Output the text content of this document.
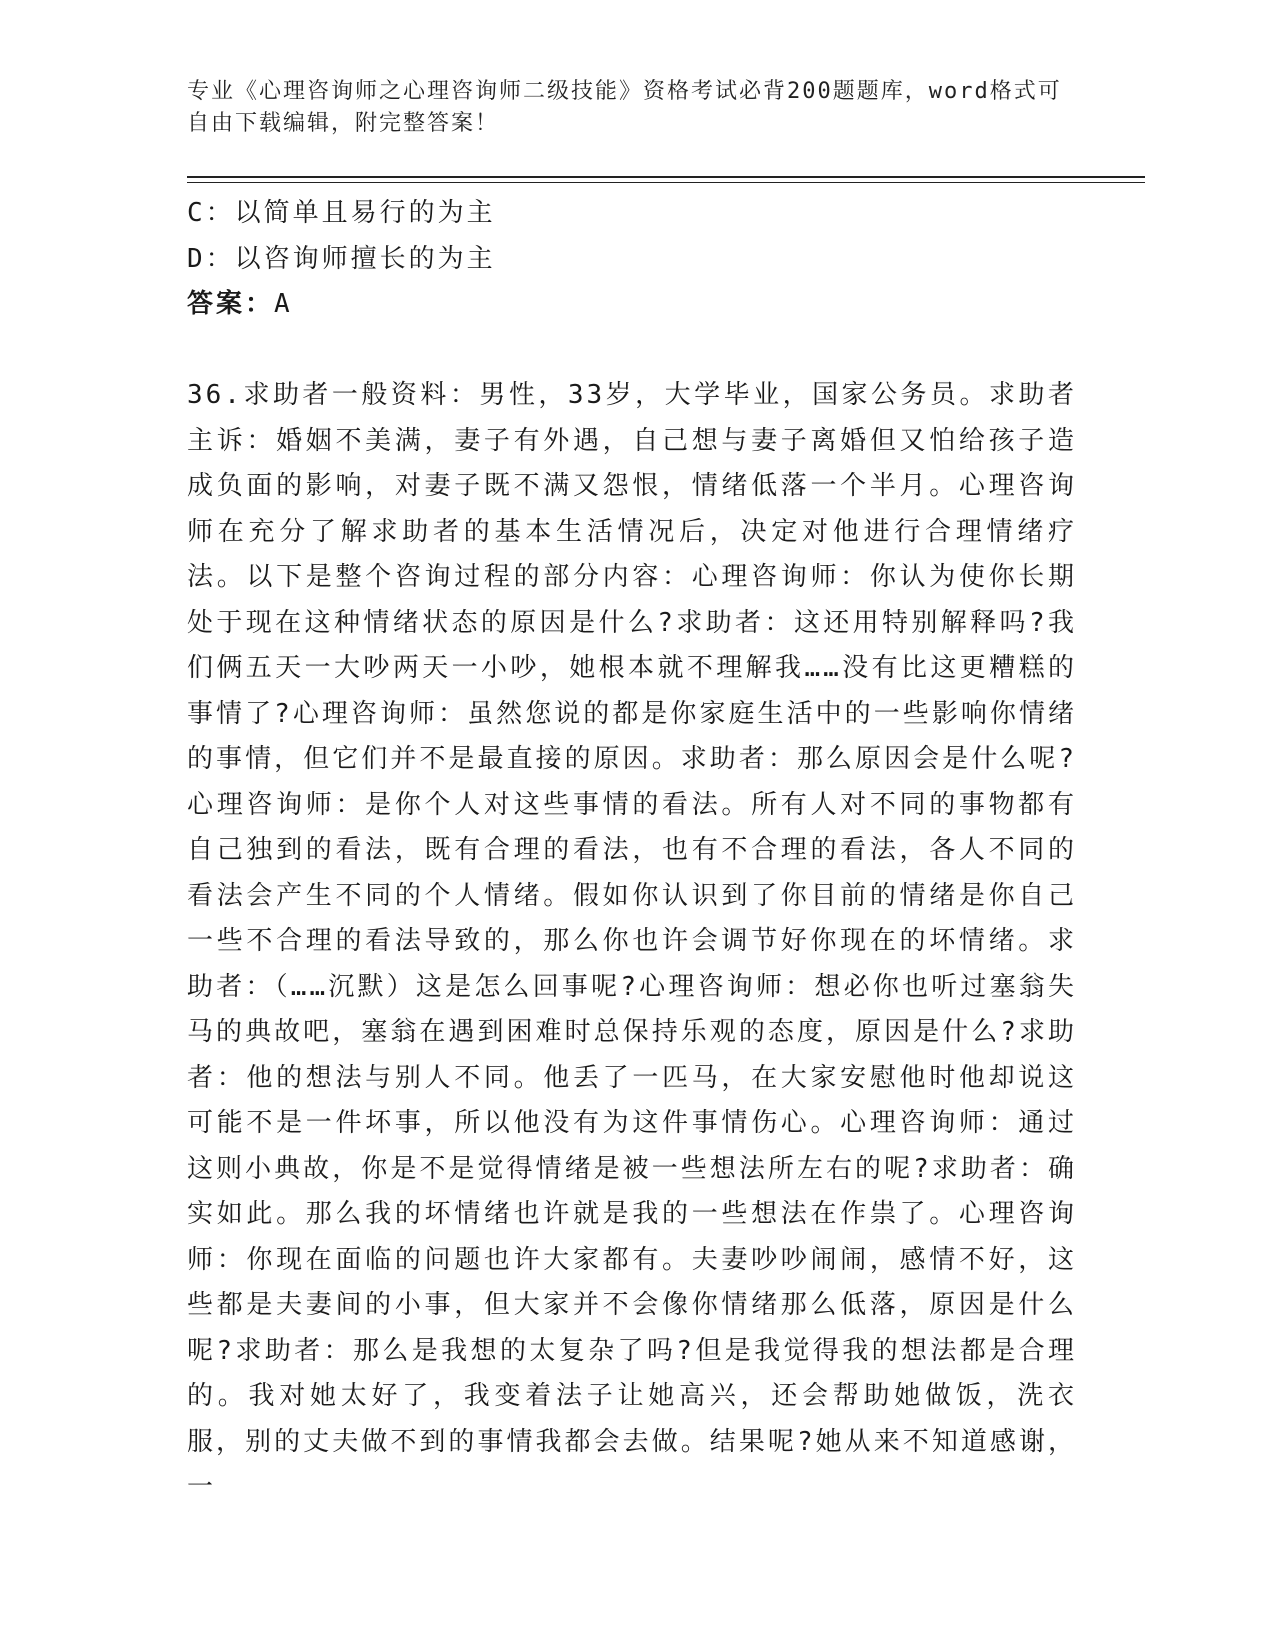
专业《心理咨询师之心理咨询师二级技能》资格考试必背200题题库，word格式可自由下载编辑，附完整答案！

C：以简单且易行的为主

D：以咨询师擅长的为主

答案：A

36.求助者一般资料：男性，33岁，大学毕业，国家公务员。求助者主诉：婚姻不美满，妻子有外遇，自己想与妻子离婚但又怕给孩子造成负面的影响，对妻子既不满又怨恨，情绪低落一个半月。心理咨询师在充分了解求助者的基本生活情况后，决定对他进行合理情绪疗法。以下是整个咨询过程的部分内容：心理咨询师：你认为使你长期处于现在这种情绪状态的原因是什么?求助者：这还用特别解释吗?我们俩五天一大吵两天一小吵，她根本就不理解我……没有比这更糟糕的事情了?心理咨询师：虽然您说的都是你家庭生活中的一些影响你情绪的事情，但它们并不是最直接的原因。求助者：那么原因会是什么呢?心理咨询师：是你个人对这些事情的看法。所有人对不同的事物都有自己独到的看法，既有合理的看法，也有不合理的看法，各人不同的看法会产生不同的个人情绪。假如你认识到了你目前的情绪是你自己一些不合理的看法导致的，那么你也许会调节好你现在的坏情绪。求助者：（……沉默）这是怎么回事呢?心理咨询师：想必你也听过塞翁失马的典故吧，塞翁在遇到困难时总保持乐观的态度，原因是什么?求助者：他的想法与别人不同。他丢了一匹马，在大家安慰他时他却说这可能不是一件坏事，所以他没有为这件事情伤心。心理咨询师：通过这则小典故，你是不是觉得情绪是被一些想法所左右的呢?求助者：确实如此。那么我的坏情绪也许就是我的一些想法在作祟了。心理咨询师：你现在面临的问题也许大家都有。夫妻吵吵闹闹，感情不好，这些都是夫妻间的小事，但大家并不会像你情绪那么低落，原因是什么呢?求助者：那么是我想的太复杂了吗?但是我觉得我的想法都是合理的。我对她太好了，我变着法子让她高兴，还会帮助她做饭，洗衣服，别的丈夫做不到的事情我都会去做。结果呢?她从来不知道感谢，一
